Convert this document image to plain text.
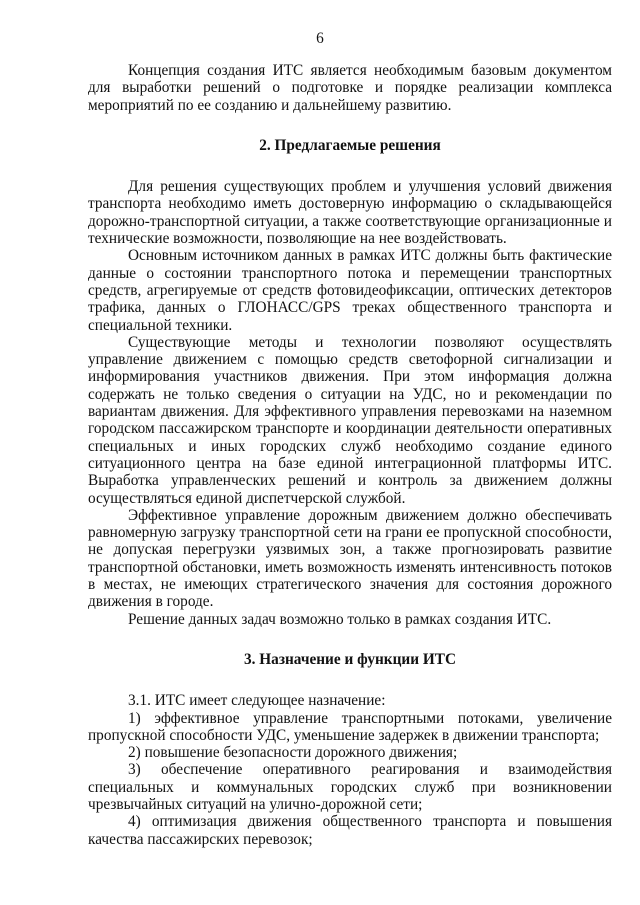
6

Концепция создания ИТС является необходимым базовым документом для выработки решений о подготовке и порядке реализации комплекса мероприятий по ее созданию и дальнейшему развитию.

2. Предлагаемые решения

Для решения существующих проблем и улучшения условий движения транспорта необходимо иметь достоверную информацию о складывающейся дорожно-транспортной ситуации, а также соответствующие организационные и технические возможности, позволяющие на нее воздействовать.

Основным источником данных в рамках ИТС должны быть фактические данные о состоянии транспортного потока и перемещении транспортных средств, агрегируемые от средств фотовидеофиксации, оптических детекторов трафика, данных о ГЛОНАСС/GPS треках общественного транспорта и специальной техники.

Существующие методы и технологии позволяют осуществлять управление движением с помощью средств светофорной сигнализации и информирования участников движения. При этом информация должна содержать не только сведения о ситуации на УДС, но и рекомендации по вариантам движения. Для эффективного управления перевозками на наземном городском пассажирском транспорте и координации деятельности оперативных специальных и иных городских служб необходимо создание единого ситуационного центра на базе единой интеграционной платформы ИТС. Выработка управленческих решений и контроль за движением должны осуществляться единой диспетчерской службой.

Эффективное управление дорожным движением должно обеспечивать равномерную загрузку транспортной сети на грани ее пропускной способности, не допуская перегрузки уязвимых зон, а также прогнозировать развитие транспортной обстановки, иметь возможность изменять интенсивность потоков в местах, не имеющих стратегического значения для состояния дорожного движения в городе.

Решение данных задач возможно только в рамках создания ИТС.

3. Назначение и функции ИТС

3.1. ИТС имеет следующее назначение:

1) эффективное управление транспортными потоками, увеличение пропускной способности УДС, уменьшение задержек в движении транспорта;

2) повышение безопасности дорожного движения;

3) обеспечение оперативного реагирования и взаимодействия специальных и коммунальных городских служб при возникновении чрезвычайных ситуаций на улично-дорожной сети;

4) оптимизация движения общественного транспорта и повышения качества пассажирских перевозок;
